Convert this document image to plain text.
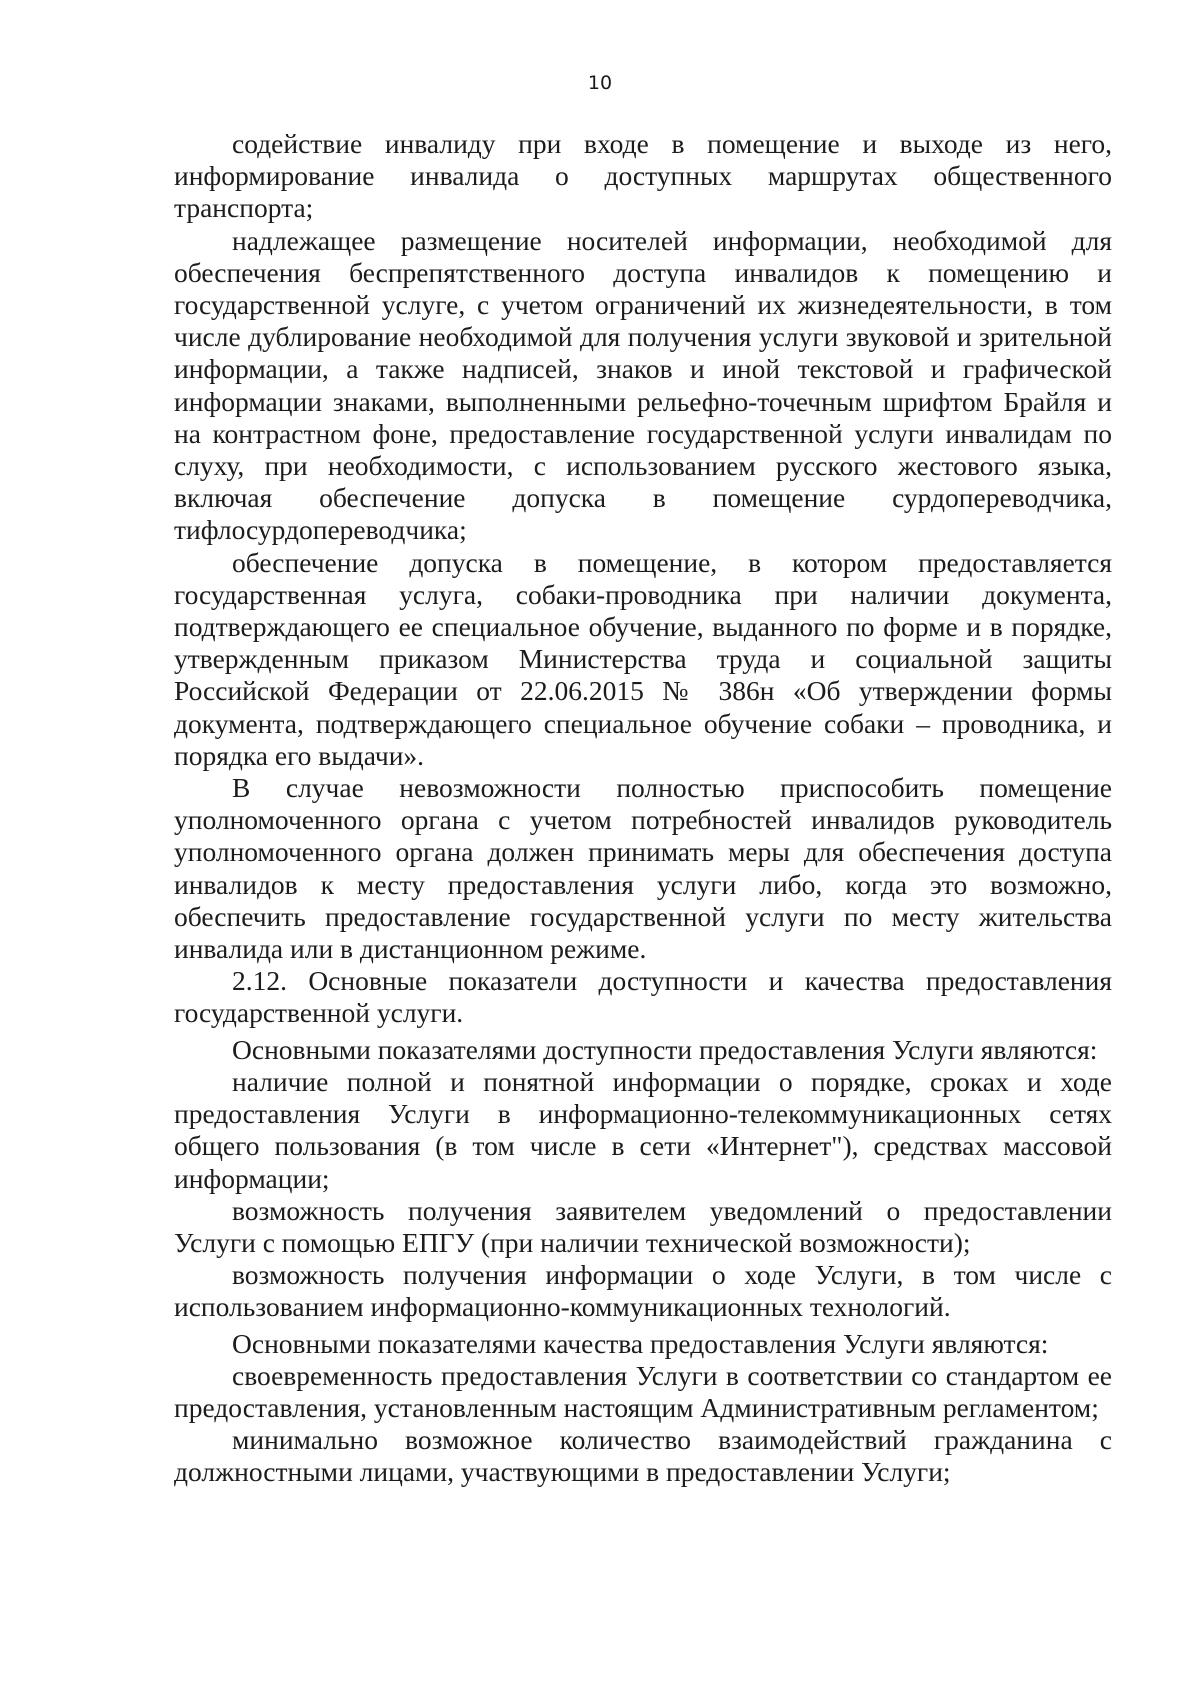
10

содействие инвалиду при входе в помещение и выходе из него, информирование инвалида о доступных маршрутах общественного транспорта;

надлежащее размещение носителей информации, необходимой для обеспечения беспрепятственного доступа инвалидов к помещению и государственной услуге, с учетом ограничений их жизнедеятельности, в том числе дублирование необходимой для получения услуги звуковой и зрительной информации, а также надписей, знаков и иной текстовой и графической информации знаками, выполненными рельефно-точечным шрифтом Брайля и на контрастном фоне, предоставление государственной услуги инвалидам по слуху, при необходимости, с использованием русского жестового языка, включая обеспечение допуска в помещение сурдопереводчика, тифлосурдопереводчика;

обеспечение допуска в помещение, в котором предоставляется государственная услуга, собаки-проводника при наличии документа, подтверждающего ее специальное обучение, выданного по форме и в порядке, утвержденным приказом Министерства труда и социальной защиты Российской Федерации от 22.06.2015 № 386н «Об утверждении формы документа, подтверждающего специальное обучение собаки – проводника, и порядка его выдачи».

В случае невозможности полностью приспособить помещение уполномоченного органа с учетом потребностей инвалидов руководитель уполномоченного органа должен принимать меры для обеспечения доступа инвалидов к месту предоставления услуги либо, когда это возможно, обеспечить предоставление государственной услуги по месту жительства инвалида или в дистанционном режиме.

2.12. Основные показатели доступности и качества предоставления государственной услуги.

Основными показателями доступности предоставления Услуги являются:

наличие полной и понятной информации о порядке, сроках и ходе предоставления Услуги в информационно-телекоммуникационных сетях общего пользования (в том числе в сети «Интернет"), средствах массовой информации;

возможность получения заявителем уведомлений о предоставлении Услуги с помощью ЕПГУ (при наличии технической возможности);

возможность получения информации о ходе Услуги, в том числе с использованием информационно-коммуникационных технологий.

Основными показателями качества предоставления Услуги являются:

своевременность предоставления Услуги в соответствии со стандартом ее предоставления, установленным настоящим Административным регламентом;

минимально возможное количество взаимодействий гражданина с должностными лицами, участвующими в предоставлении Услуги;
